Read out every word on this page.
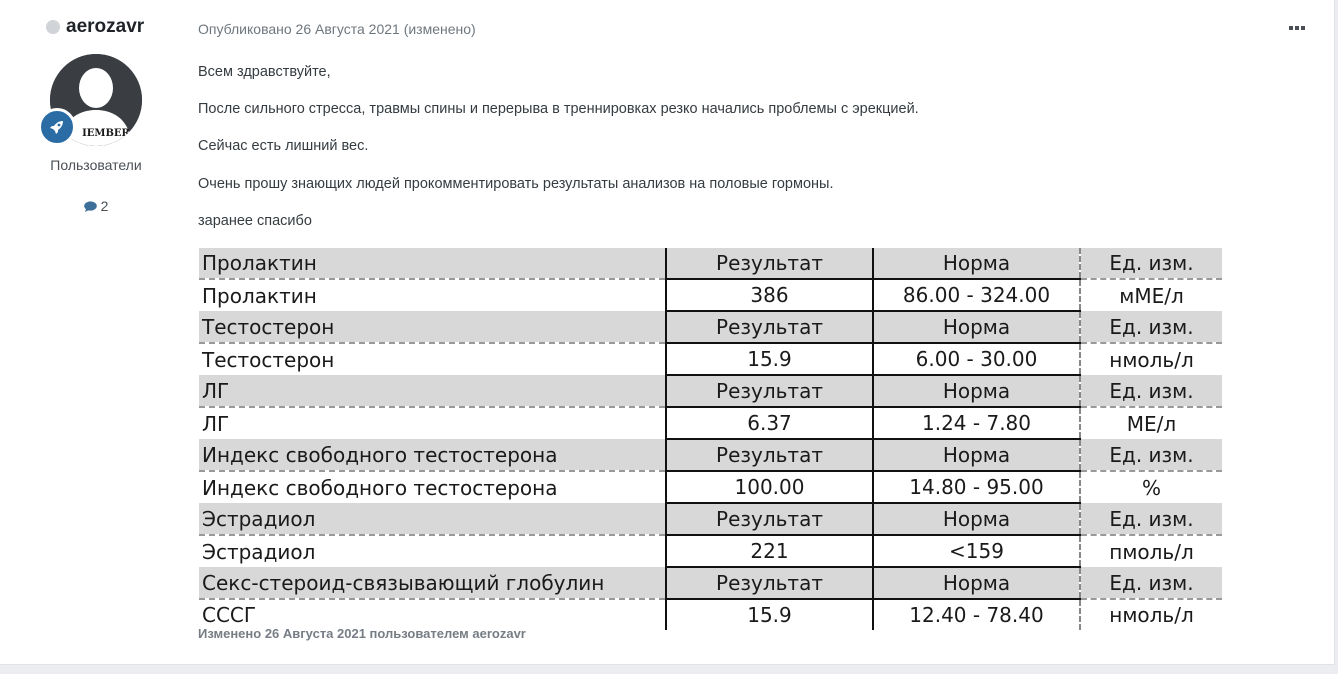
aerozavr
IEMBER
Пользователи
2
Опубликовано 26 Августа 2021 (изменено)
Всем здравствуйте,
После сильного стресса, травмы спины и перерыва в треннировках резко начались проблемы с эрекцией.
Сейчас есть лишний вес.
Очень прошу знающих людей прокомментировать результаты анализов на половые гормоны.
заранее спасибо
Пролактин	Результат	Норма	Ед. изм.
Пролактин	386	86.00 - 324.00	мМЕ/л
Тестостерон	Результат	Норма	Ед. изм.
Тестостерон	15.9	6.00 - 30.00	нмоль/л
ЛГ	Результат	Норма	Ед. изм.
ЛГ	6.37	1.24 - 7.80	МЕ/л
Индекс свободного тестостерона	Результат	Норма	Ед. изм.
Индекс свободного тестостерона	100.00	14.80 - 95.00	%
Эстрадиол	Результат	Норма	Ед. изм.
Эстрадиол	221	<159	пмоль/л
Секс-стероид-связывающий глобулин	Результат	Норма	Ед. изм.
СССГ	15.9	12.40 - 78.40	нмоль/л
Изменено 26 Августа 2021 пользователем aerozavr
